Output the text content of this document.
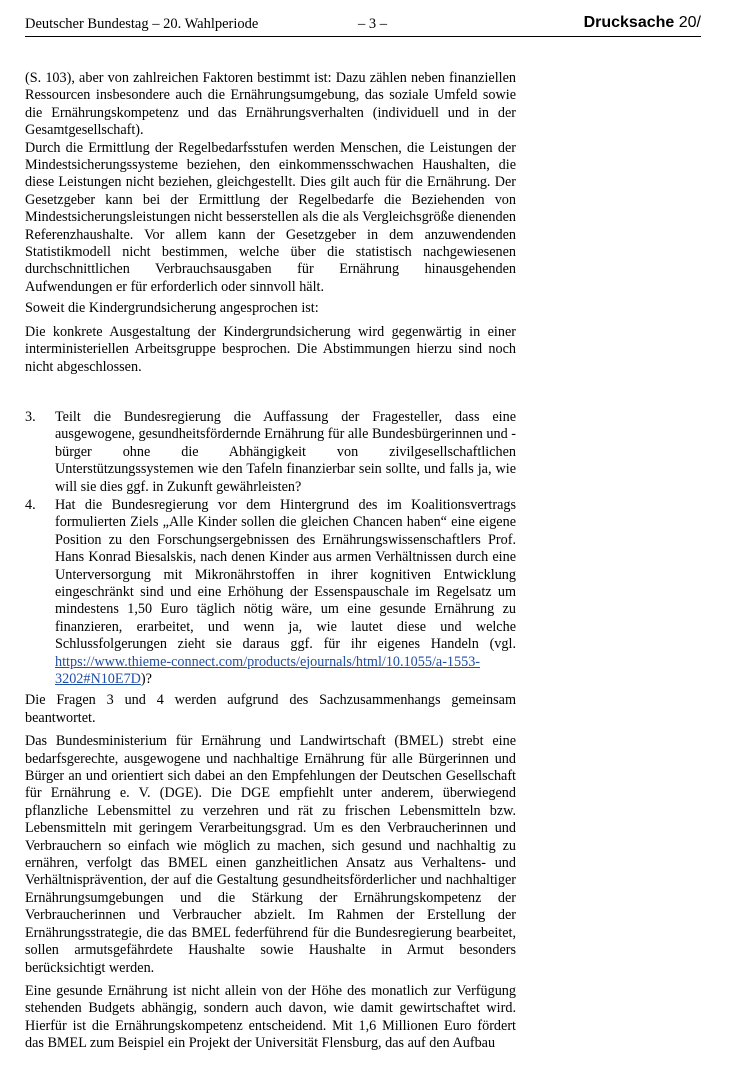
Deutscher Bundestag – 20. Wahlperiode	– 3 –	Drucksache 20/

(S. 103), aber von zahlreichen Faktoren bestimmt ist: Dazu zählen neben finanziellen Ressourcen insbesondere auch die Ernährungsumgebung, das soziale Umfeld sowie die Ernährungskompetenz und das Ernährungsverhalten (individuell und in der Gesamtgesellschaft).

Durch die Ermittlung der Regelbedarfsstufen werden Menschen, die Leistungen der Mindestsicherungssysteme beziehen, den einkommensschwachen Haushalten, die diese Leistungen nicht beziehen, gleichgestellt. Dies gilt auch für die Ernährung. Der Gesetzgeber kann bei der Ermittlung der Regelbedarfe die Beziehenden von Mindestsicherungsleistungen nicht besserstellen als die als Vergleichsgröße dienenden Referenzhaushalte. Vor allem kann der Gesetzgeber in dem anzuwendenden Statistikmodell nicht bestimmen, welche über die statistisch nachgewiesenen durchschnittlichen Verbrauchsausgaben für Ernährung hinausgehenden Aufwendungen er für erforderlich oder sinnvoll hält.

Soweit die Kindergrundsicherung angesprochen ist:

Die konkrete Ausgestaltung der Kindergrundsicherung wird gegenwärtig in einer interministeriellen Arbeitsgruppe besprochen. Die Abstimmungen hierzu sind noch nicht abgeschlossen.

3. Teilt die Bundesregierung die Auffassung der Fragesteller, dass eine ausgewogene, gesundheitsfördernde Ernährung für alle Bundesbürgerinnen und -bürger ohne die Abhängigkeit von zivilgesellschaftlichen Unterstützungssystemen wie den Tafeln finanzierbar sein sollte, und falls ja, wie will sie dies ggf. in Zukunft gewährleisten?
4. Hat die Bundesregierung vor dem Hintergrund des im Koalitionsvertrags formulierten Ziels „Alle Kinder sollen die gleichen Chancen haben“ eine eigene Position zu den Forschungsergebnissen des Ernährungswissenschaftlers Prof. Hans Konrad Biesalskis, nach denen Kinder aus armen Verhältnissen durch eine Unterversorgung mit Mikronährstoffen in ihrer kognitiven Entwicklung eingeschränkt sind und eine Erhöhung der Essenspauschale im Regelsatz um mindestens 1,50 Euro täglich nötig wäre, um eine gesunde Ernährung zu finanzieren, erarbeitet, und wenn ja, wie lautet diese und welche Schlussfolgerungen zieht sie daraus ggf. für ihr eigenes Handeln (vgl. https://www.thieme-connect.com/products/ejournals/html/10.1055/a-1553-3202#N10E7D)?

Die Fragen 3 und 4 werden aufgrund des Sachzusammenhangs gemeinsam beantwortet.

Das Bundesministerium für Ernährung und Landwirtschaft (BMEL) strebt eine bedarfsgerechte, ausgewogene und nachhaltige Ernährung für alle Bürgerinnen und Bürger an und orientiert sich dabei an den Empfehlungen der Deutschen Gesellschaft für Ernährung e. V. (DGE). Die DGE empfiehlt unter anderem, überwiegend pflanzliche Lebensmittel zu verzehren und rät zu frischen Lebensmitteln bzw. Lebensmitteln mit geringem Verarbeitungsgrad. Um es den Verbraucherinnen und Verbrauchern so einfach wie möglich zu machen, sich gesund und nachhaltig zu ernähren, verfolgt das BMEL einen ganzheitlichen Ansatz aus Verhaltens- und Verhältnisprävention, der auf die Gestaltung gesundheitsförderlicher und nachhaltiger Ernährungsumgebungen und die Stärkung der Ernährungskompetenz der Verbraucherinnen und Verbraucher abzielt. Im Rahmen der Erstellung der Ernährungsstrategie, die das BMEL federführend für die Bundesregierung bearbeitet, sollen armutsgefährdete Haushalte sowie Haushalte in Armut besonders berücksichtigt werden.

Eine gesunde Ernährung ist nicht allein von der Höhe des monatlich zur Verfügung stehenden Budgets abhängig, sondern auch davon, wie damit gewirtschaftet wird. Hierfür ist die Ernährungskompetenz entscheidend. Mit 1,6 Millionen Euro fördert das BMEL zum Beispiel ein Projekt der Universität Flensburg, das auf den Aufbau
